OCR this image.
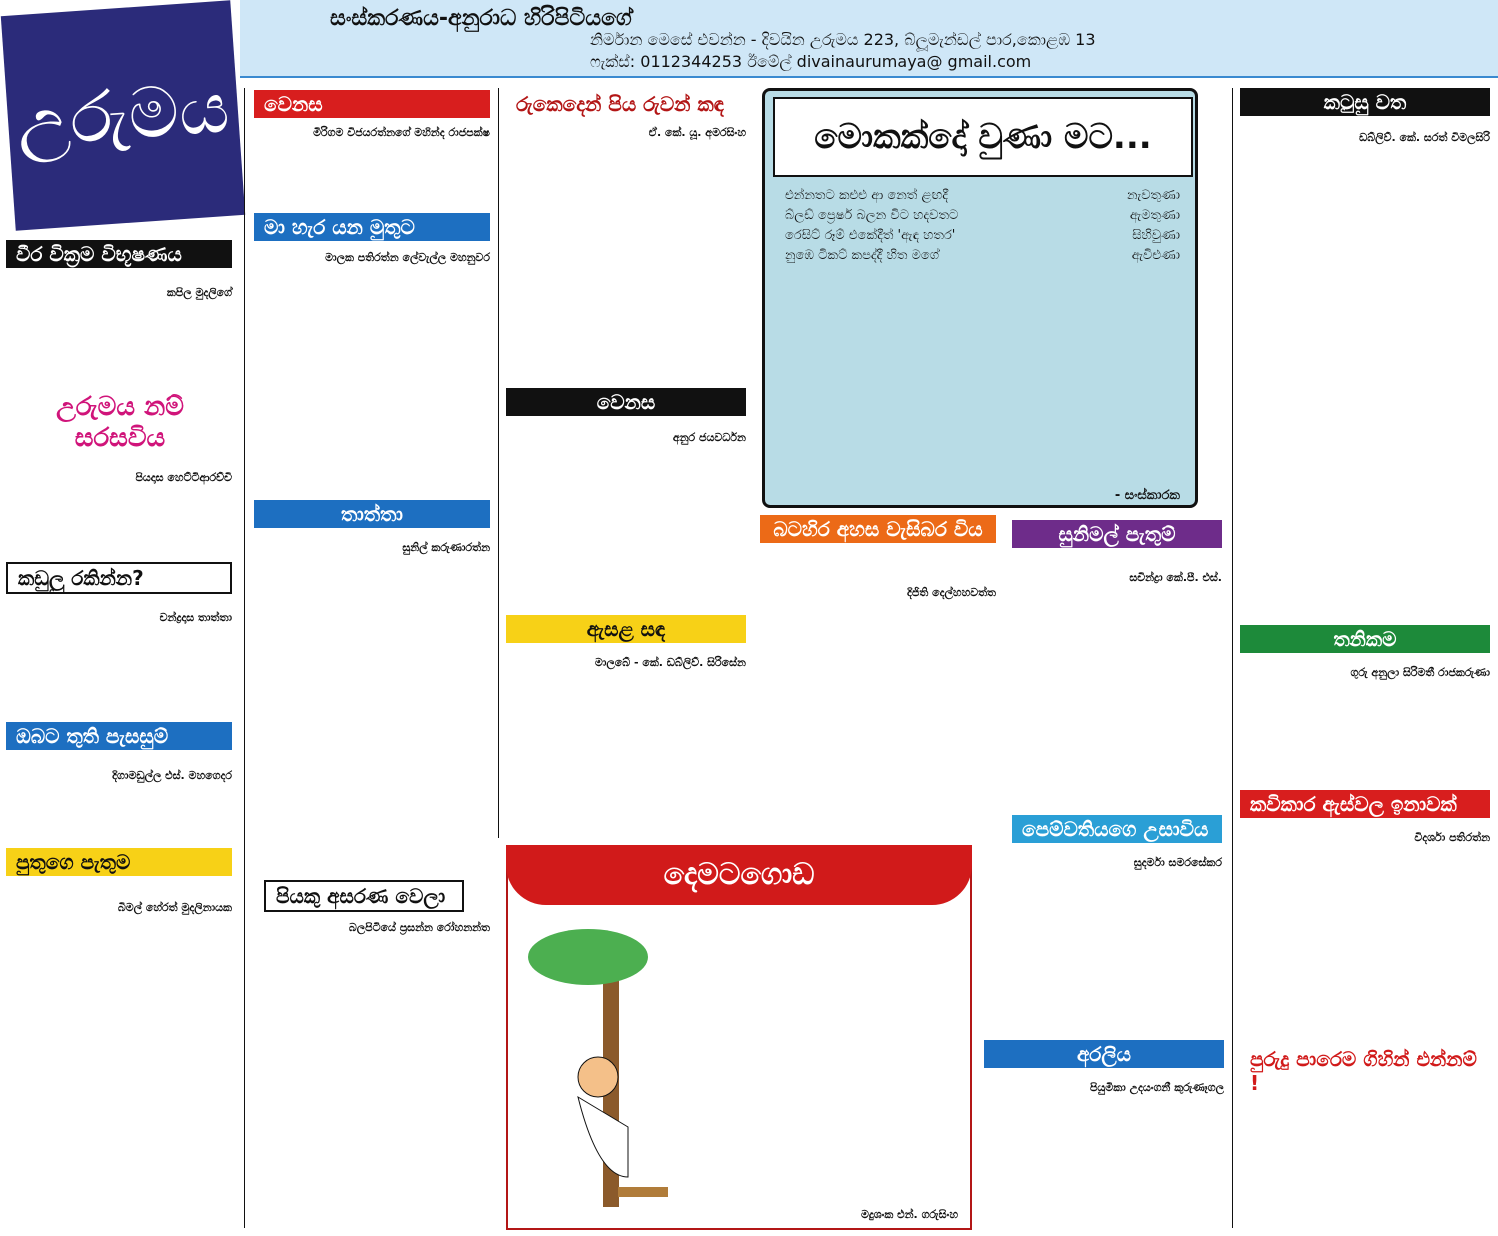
සංස්කරණය-අනුරාධ හිරිපිටියගේ
නිර්මාන මෙසේ එවන්න - දිවයින උරුමය 223, බ්ලූමැන්ඩල් පාර,කොළඹ 13
ෆැක්ස්: 0112344253 ඊමේල් divainaurumaya@ gmail.com
උරුමය
වීර වික්‍රම විභූෂණය
කපිල මුදලිගේ
උරුමය නම් සරසවිය
පියදාස හෙට්ටිආරච්චි
කඩුලු රකින්න?
චන්ද්‍රදාස තාත්තා
ඔබට තුති පැසසුම්
දිගාමඩුල්ල එස්. මහගෙදර
පුතුගෙ පැතුම
බිමල් හේරත් මුදලිනායක
වෙනස
මිරිගම විජයරත්නගේ මහින්ද රාජපක්ෂ
මා හැර යන මුතුට
මාලක පතිරත්න ලේවැල්ල මහනුවර
තාත්තා
සුනිල් කරුණාරත්න
පියකු අසරණ වෙලා
බලපිටියේ ප්‍රසන්න රෝහනන්ත
රුකෙදෙන් පිය රුවන් කඳ
ඒ. කේ. යූ. අමරසිංහ
වෙනස
අනුර ජයවර්ධන
ඇසළ සඳ
මාලබේ - කේ. ඩබ්ලිව්. සිරිසේන
මොකක්දෝ වුණා මට...
එන්නතට කළුළු ආ නෙත් ළඟදී	නැවතුණා
බ්ලඩ් ප්‍රෙෂර් බලන විට හදවතට	ඇමතුණා
රෙසිට් රූම් එකේදීත් 'ඇඳ හතර'	සිහිවුණා
නුඹෙ ටිකට් කපද්දී හිත මගේ	ඇවිළුණා
- සංස්කාරක
බටහිර අහස වැසිබර විය
දිජිති දෙල්හහවත්ත
සුනිමල් පැතුම්
සචින්ද්‍රා කේ.පී. එස්.
පෙම්වතියගෙ උසාවිය
සුදර්මා සමරසේකර
අරලිය
පියුමිකා උදයංගනී කුරුණෑගල
කටුසු වත
ඩබ්ලිව්. කේ. සරත් විමලසිරි
තනිකම
ගුරු අනුලා සිරිමතී රාජකරුණා
කවිකාර ඇස්වල ඉනාවක්
විදර්ශා පතිරත්න
පුරුදු පාරෙම ගිහින් එන්නම් !
දෙමටගොඩ
මදුශංක එන්. ගරුසිංහ
